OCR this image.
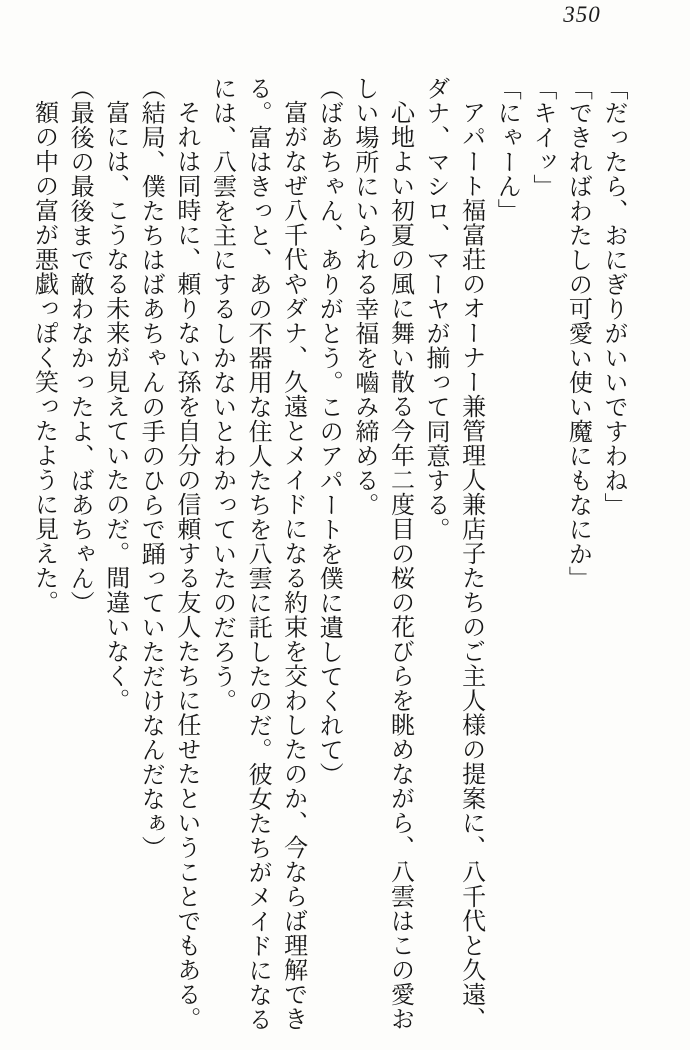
350
「だったら、おにぎりがいいですわね」
「できればわたしの可愛い使い魔にもなにか」
「キイッ」
「にゃーん」
アパート福富荘のオーナー兼管理人兼店子たちのご主人様の提案に、八千代と久遠、ダナ、マシロ、マーヤが揃って同意する。
心地よい初夏の風に舞い散る今年二度目の桜の花びらを眺めながら、八雲はこの愛おしい場所にいられる幸福を嚙み締める。
（ばあちゃん、ありがとう。このアパートを僕に遺してくれて）
富がなぜ八千代やダナ、久遠とメイドになる約束を交わしたのか、今ならば理解できる。富はきっと、あの不器用な住人たちを八雲に託したのだ。彼女たちがメイドになるには、八雲を主にするしかないとわかっていたのだろう。
それは同時に、頼りない孫を自分の信頼する友人たちに任せたということでもある。
（結局、僕たちはばあちゃんの手のひらで踊っていただけなんだなぁ）
富には、こうなる未来が見えていたのだ。間違いなく。
（最後の最後まで敵わなかったよ、ばあちゃん）
額の中の富が悪戯っぽく笑ったように見えた。
